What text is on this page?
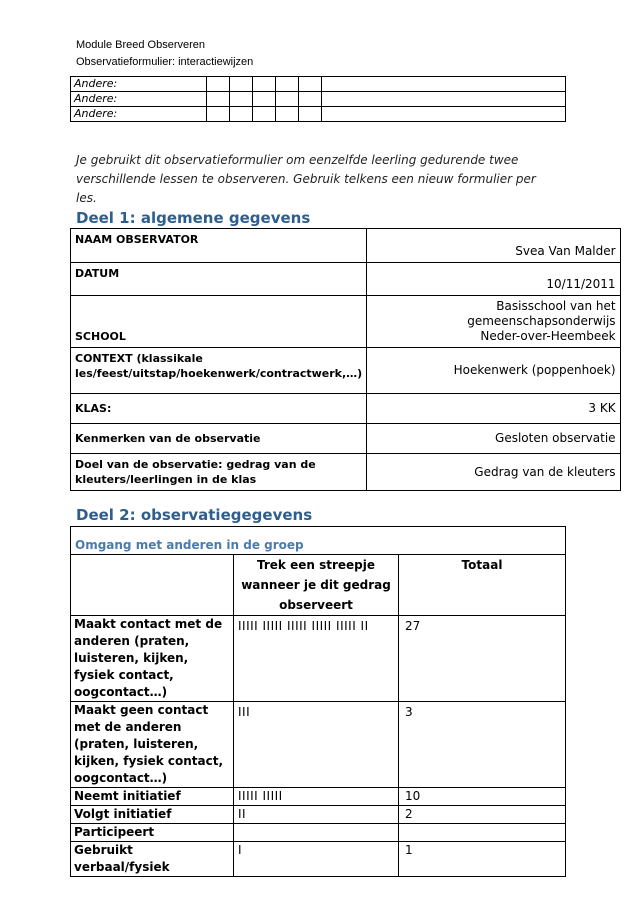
Module Breed Observeren
Observatieformulier: interactiewijzen
Andere:						
Andere:						
Andere:						
Je gebruikt dit observatieformulier om eenzelfde leerling gedurende twee verschillende lessen te observeren. Gebruik telkens een nieuw formulier per les.
Deel 1: algemene gegevens
NAAM OBSERVATOR	Svea Van Malder
DATUM	10/11/2011
SCHOOL	Basisschool van het gemeenschapsonderwijs Neder-over-Heembeek
CONTEXT (klassikale les/feest/uitstap/hoekenwerk/contractwerk,…)	Hoekenwerk (poppenhoek)
KLAS:	3 KK
Kenmerken van de observatie	Gesloten observatie
Doel van de observatie: gedrag van de kleuters/leerlingen in de klas	Gedrag van de kleuters
Deel 2: observatiegegevens
Omgang met anderen in de groep		
	Trek een streepje wanneer je dit gedrag observeert	Totaal
Maakt contact met de anderen (praten, luisteren, kijken, fysiek contact, oogcontact…)	IIIII IIIII IIIII IIIII IIIII II	27
Maakt geen contact met de anderen (praten, luisteren, kijken, fysiek contact, oogcontact…)	III	3
Neemt initiatief	IIIII IIIII	10
Volgt initiatief	II	2
Participeert		
Gebruikt verbaal/fysiek	I	1
